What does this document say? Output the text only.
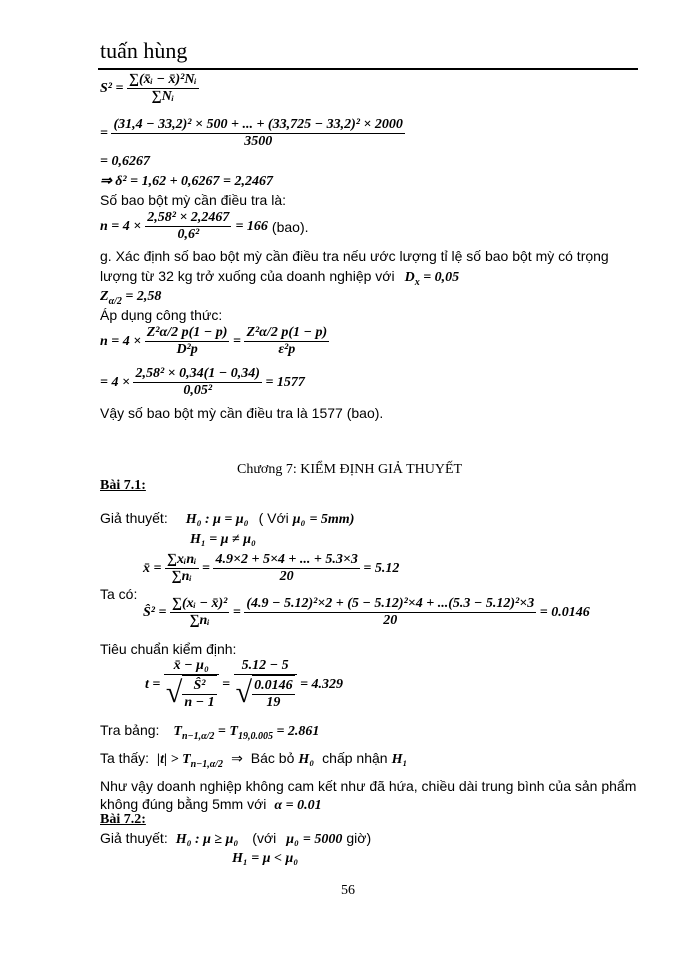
tuấn hùng
$S^2 = \frac{\text{∑(x̄ᵢ − x̄)²Nᵢ}}{\text{∑Nᵢ}}$
= $\frac{\text{(31,4 − 33,2)² × 500 + ... + (33,725 − 33,2)² × 2000}}{3500}$
= 0,6267
⇒ δ² = 1,62 + 0,6267 = 2,2467
Số bao bột mỳ cần điều tra là:
$n = 4 \times \frac{\text{2,58² × 2,2467}}{\text{0,6²}} = 166$ (bao).
g. Xác định số bao bột mỳ cần điều tra nếu ước lượng tỉ lệ số bao bột mỳ có trọng
lượng từ 32 kg trở xuống của doanh nghiệp với $D_x = 0,05$
$Z_{\alpha/2} = 2,58$
Áp dụng công thức:
$n = 4 \times \frac{\text{Z²α/2 p(1 − p)}}{\text{D²p}} = \frac{\text{Z²α/2 p(1 − p)}}{\text{ε²p}}$
= $4 \times \frac{\text{2,58² × 0,34(1 − 0,34)}}{\text{0,05²}} = 1577$
Vậy số bao bột mỳ cần điều tra là 1577 (bao).
Chương 7: KIỂM ĐỊNH GIẢ THUYẾT
Bài 7.1:
Giả thuyết: H₀ : μ = μ₀ ( Với μ₀ = 5mm)
H₁ = μ ≠ μ₀
x̄ = $\frac{\text{∑xᵢnᵢ}}{\text{∑nᵢ}} = \frac{4.9\times 2 + 5\times 4 + ... + 5.3\times 3}{20} = 5.12$
Ta có:
Ŝ² = $\frac{\text{∑(xᵢ − x̄)²}}{\text{∑nᵢ}} = \frac{\text{(4.9 − 5.12)²×2 + (5 − 5.12)²×4 + ...(5.3 − 5.12)²×3}}{20} = 0.0146$
Tiêu chuẩn kiểm định:
$t = \frac{\text{x̄ − μ₀}}{√ \frac{\text{Ŝ²}}{n - 1}} = \frac{5.12 - 5}{√ \frac{0.0146}{19}} = 4.329$
Tra bảng: $T_{n-1,\alpha/2} = T_{19,0.005} = 2.861$
Ta thấy: $|t| > T_{n-1,\alpha/2}$ ⇒ Bác bỏ H₀ chấp nhận H₁
Như vậy doanh nghiệp không cam kết như đã hứa, chiều dài trung bình của sản phẩm
không đúng bằng 5mm với α = 0.01
Bài 7.2:
Giả thuyết: H₀ : μ ≥ μ₀ (với μ₀ = 5000 giờ)
H₁ = μ < μ₀
56
